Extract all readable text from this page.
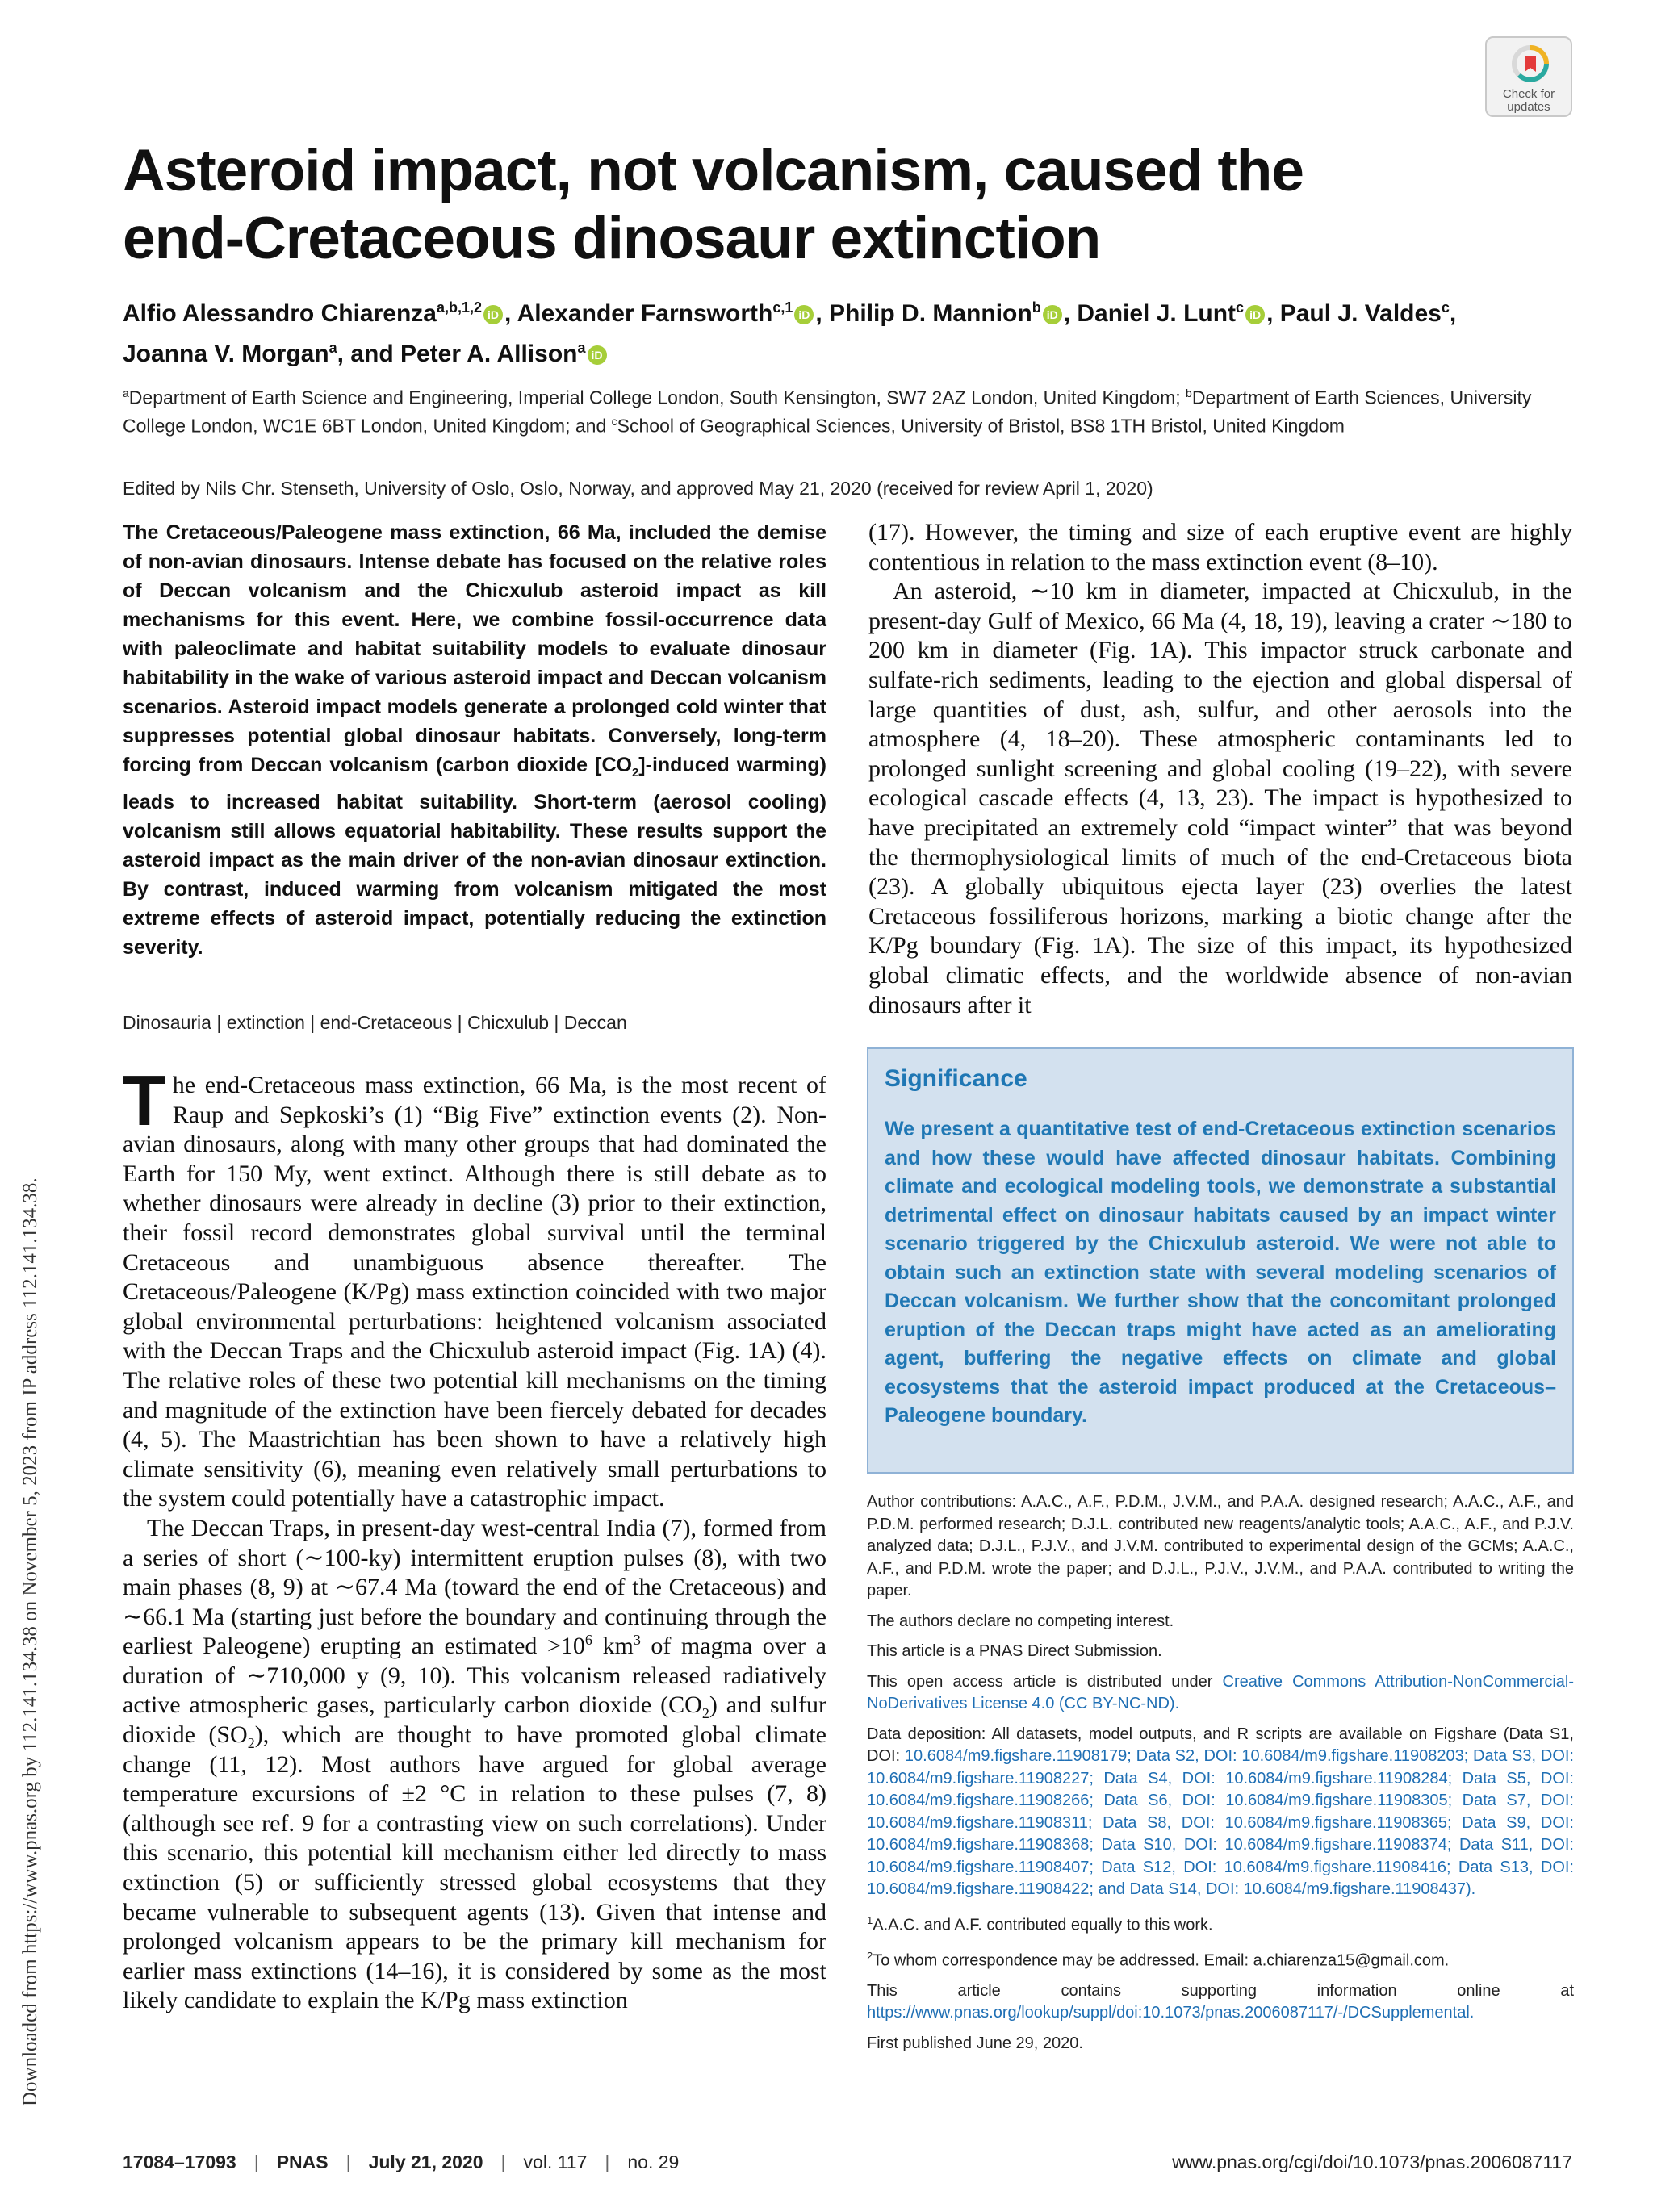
Downloaded from https://www.pnas.org by 112.141.134.38 on November 5, 2023 from IP address 112.141.134.38.
Check for
updates
Asteroid impact, not volcanism, caused the
end-Cretaceous dinosaur extinction
Alfio Alessandro Chiarenza$^{a,b,1,2}$ iD , Alexander Farnsworth$^{c,1}$ iD , Philip D. Mannion$^b$ iD , Daniel J. Lunt$^c$ iD , Paul J. Valdes$^c$,
Joanna V. Morgan$^a$, and Peter A. Allison$^a$ iD
$^a$Department of Earth Science and Engineering, Imperial College London, South Kensington, SW7 2AZ London, United Kingdom; $^b$Department of Earth Sciences, University College London, WC1E 6BT London, United Kingdom; and $^c$School of Geographical Sciences, University of Bristol, BS8 1TH Bristol, United Kingdom
Edited by Nils Chr. Stenseth, University of Oslo, Oslo, Norway, and approved May 21, 2020 (received for review April 1, 2020)
The Cretaceous/Paleogene mass extinction, 66 Ma, included the demise of non-avian dinosaurs. Intense debate has focused on the relative roles of Deccan volcanism and the Chicxulub asteroid impact as kill mechanisms for this event. Here, we combine fossil-occurrence data with paleoclimate and habitat suitability models to evaluate dinosaur habitability in the wake of various asteroid impact and Deccan volcanism scenarios. Asteroid impact models generate a prolonged cold winter that suppresses potential global dinosaur habitats. Conversely, long-term forcing from Deccan volcanism (carbon dioxide $[CO_2]$-induced warming) leads to increased habitat suitability. Short-term (aerosol cooling) volcanism still allows equatorial habitability. These results support the asteroid impact as the main driver of the non-avian dinosaur extinction. By contrast, induced warming from volcanism mitigated the most extreme effects of asteroid impact, potentially reducing the extinction severity.
Dinosauria | extinction | end-Cretaceous | Chicxulub | Deccan

The end-Cretaceous mass extinction, 66 Ma, is the most recent of Raup and Sepkoski’s (1) “Big Five” extinction events (2). Non-avian dinosaurs, along with many other groups that had dominated the Earth for 150 My, went extinct. Although there is still debate as to whether dinosaurs were already in decline (3) prior to their extinction, their fossil record demonstrates global survival until the terminal Cretaceous and unambiguous absence thereafter. The Cretaceous/Paleogene (K/Pg) mass extinction coincided with two major global environmental perturbations: heightened volcanism associated with the Deccan Traps and the Chicxulub asteroid impact (Fig. 1A) (4). The relative roles of these two potential kill mechanisms on the timing and magnitude of the extinction have been fiercely debated for decades (4, 5). The Maastrichtian has been shown to have a relatively high climate sensitivity (6), meaning even relatively small perturbations to the system could potentially have a catastrophic impact.

The Deccan Traps, in present-day west-central India (7), formed from a series of short (∼100-ky) intermittent eruption pulses (8), with two main phases (8, 9) at ∼67.4 Ma (toward the end of the Cretaceous) and ∼66.1 Ma (starting just before the boundary and continuing through the earliest Paleogene) erupting an estimated $>10^6$ $km^3$ of magma over a duration of ∼710,000 y (9, 10). This volcanism released radiatively active atmospheric gases, particularly carbon dioxide $(CO_2)$ and sulfur dioxide $(SO_2)$, which are thought to have promoted global climate change (11, 12). Most authors have argued for global average temperature excursions of ±2 °C in relation to these pulses (7, 8) (although see ref. 9 for a contrasting view on such correlations). Under this scenario, this potential kill mechanism either led directly to mass extinction (5) or sufficiently stressed global ecosystems that they became vulnerable to subsequent agents (13). Given that intense and prolonged volcanism appears to be the primary kill mechanism for earlier mass extinctions (14–16), it is considered by some as the most likely candidate to explain the K/Pg mass extinction

(17). However, the timing and size of each eruptive event are highly contentious in relation to the mass extinction event (8–10).

An asteroid, ∼10 km in diameter, impacted at Chicxulub, in the present-day Gulf of Mexico, 66 Ma (4, 18, 19), leaving a crater ∼180 to 200 km in diameter (Fig. 1A). This impactor struck carbonate and sulfate-rich sediments, leading to the ejection and global dispersal of large quantities of dust, ash, sulfur, and other aerosols into the atmosphere (4, 18–20). These atmospheric contaminants led to prolonged sunlight screening and global cooling (19–22), with severe ecological cascade effects (4, 13, 23). The impact is hypothesized to have precipitated an extremely cold “impact winter” that was beyond the thermophysiological limits of much of the end-Cretaceous biota (23). A globally ubiquitous ejecta layer (23) overlies the latest Cretaceous fossiliferous horizons, marking a biotic change after the K/Pg boundary (Fig. 1A). The size of this impact, its hypothesized global climatic effects, and the worldwide absence of non-avian dinosaurs after it

Significance
We present a quantitative test of end-Cretaceous extinction scenarios and how these would have affected dinosaur habitats. Combining climate and ecological modeling tools, we demonstrate a substantial detrimental effect on dinosaur habitats caused by an impact winter scenario triggered by the Chicxulub asteroid. We were not able to obtain such an extinction state with several modeling scenarios of Deccan volcanism. We further show that the concomitant prolonged eruption of the Deccan traps might have acted as an ameliorating agent, buffering the negative effects on climate and global ecosystems that the asteroid impact produced at the Cretaceous–Paleogene boundary.

Author contributions: A.A.C., A.F., P.D.M., J.V.M., and P.A.A. designed research; A.A.C., A.F., and P.D.M. performed research; D.J.L. contributed new reagents/analytic tools; A.A.C., A.F., and P.J.V. analyzed data; D.J.L., P.J.V., and J.V.M. contributed to experimental design of the GCMs; A.A.C., A.F., and P.D.M. wrote the paper; and D.J.L., P.J.V., J.V.M., and P.A.A. contributed to writing the paper.

The authors declare no competing interest.

This article is a PNAS Direct Submission.

This open access article is distributed under Creative Commons Attribution-NonCommercial-NoDerivatives License 4.0 (CC BY-NC-ND).

Data deposition: All datasets, model outputs, and R scripts are available on Figshare (Data S1, DOI: 10.6084/m9.figshare.11908179; Data S2, DOI: 10.6084/m9.figshare.11908203; Data S3, DOI: 10.6084/m9.figshare.11908227; Data S4, DOI: 10.6084/m9.figshare.11908284; Data S5, DOI: 10.6084/m9.figshare.11908266; Data S6, DOI: 10.6084/m9.figshare.11908305; Data S7, DOI: 10.6084/m9.figshare.11908311; Data S8, DOI: 10.6084/m9.figshare.11908365; Data S9, DOI: 10.6084/m9.figshare.11908368; Data S10, DOI: 10.6084/m9.figshare.11908374; Data S11, DOI: 10.6084/m9.figshare.11908407; Data S12, DOI: 10.6084/m9.figshare.11908416; Data S13, DOI: 10.6084/m9.figshare.11908422; and Data S14, DOI: 10.6084/m9.figshare.11908437).

$^1$A.A.C. and A.F. contributed equally to this work.

$^2$To whom correspondence may be addressed. Email: a.chiarenza15@gmail.com.

This article contains supporting information online at https://www.pnas.org/lookup/suppl/doi:10.1073/pnas.2006087117/-/DCSupplemental.

First published June 29, 2020.

17084–17093 | PNAS | July 21, 2020 | vol. 117 | no. 29	www.pnas.org/cgi/doi/10.1073/pnas.2006087117
